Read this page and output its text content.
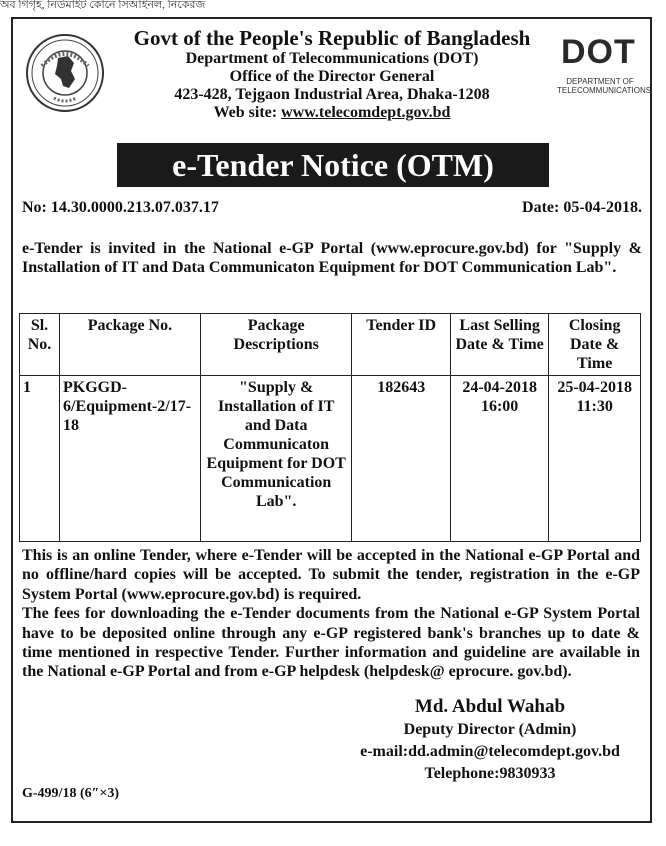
অব গিগৃহ, নিউমাইট কোনে সিআইনল, নিকেরজ
Govt of the People's Republic of Bangladesh
Department of Telecommunications (DOT)
Office of the Director General
423-428, Tejgaon Industrial Area, Dhaka-1208
Web site: www.telecomdept.gov.bd
DOT
DEPARTMENT OF
TELECOMMUNICATIONS
e-Tender Notice (OTM)
No: 14.30.0000.213.07.037.17	Date: 05-04-2018.
e-Tender is invited in the National e-GP Portal (www.eprocure.gov.bd) for "Supply & Installation of IT and Data Communicaton Equipment for DOT Communication Lab".
Sl. No.	Package No.	Package Descriptions	Tender ID	Last Selling Date & Time	Closing Date & Time
1	PKGGD-6/Equipment-2/17-18	"Supply & Installation of IT and Data Communicaton Equipment for DOT Communication Lab".	182643	24-04-2018 16:00	25-04-2018 11:30

This is an online Tender, where e-Tender will be accepted in the National e-GP Portal and no offline/hard copies will be accepted. To submit the tender, registration in the e-GP System Portal (www.eprocure.gov.bd) is required.

The fees for downloading the e-Tender documents from the National e-GP System Portal have to be deposited online through any e-GP registered bank's branches up to date & time mentioned in respective Tender. Further information and guideline are available in the National e-GP Portal and from e-GP helpdesk (helpdesk@ eprocure. gov.bd).

Md. Abdul Wahab
Deputy Director (Admin)
e-mail:dd.admin@telecomdept.gov.bd
Telephone:9830933
G-499/18 (6″×3)
